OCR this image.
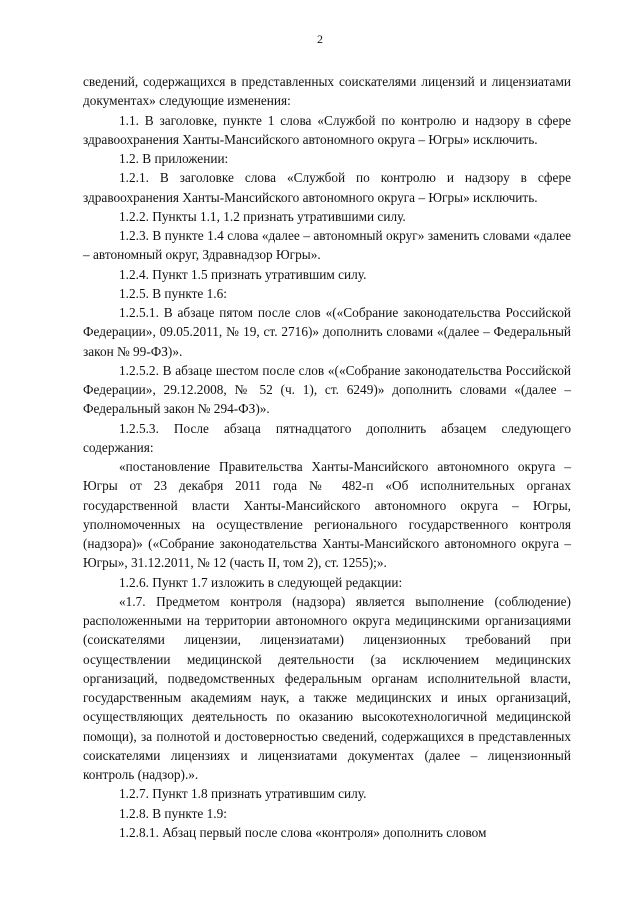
2

сведений, содержащихся в представленных соискателями лицензий и лицензиатами документах» следующие изменения:

1.1. В заголовке, пункте 1 слова «Службой по контролю и надзору в сфере здравоохранения Ханты-Мансийского автономного округа – Югры» исключить.

1.2. В приложении:

1.2.1. В заголовке слова «Службой по контролю и надзору в сфере здравоохранения Ханты-Мансийского автономного округа – Югры» исключить.

1.2.2. Пункты 1.1, 1.2 признать утратившими силу.

1.2.3. В пункте 1.4 слова «далее – автономный округ» заменить словами «далее – автономный округ, Здравнадзор Югры».

1.2.4. Пункт 1.5 признать утратившим силу.

1.2.5. В пункте 1.6:

1.2.5.1. В абзаце пятом после слов «(«Собрание законодательства Российской Федерации», 09.05.2011, № 19, ст. 2716)» дополнить словами «(далее – Федеральный закон № 99-ФЗ)».

1.2.5.2. В абзаце шестом после слов «(«Собрание законодательства Российской Федерации», 29.12.2008, № 52 (ч. 1), ст. 6249)» дополнить словами «(далее – Федеральный закон № 294-ФЗ)».

1.2.5.3. После абзаца пятнадцатого дополнить абзацем следующего содержания:

«постановление Правительства Ханты-Мансийского автономного округа – Югры от 23 декабря 2011 года № 482-п «Об исполнительных органах государственной власти Ханты-Мансийского автономного округа – Югры, уполномоченных на осуществление регионального государственного контроля (надзора)» («Собрание законодательства Ханты-Мансийского автономного округа – Югры», 31.12.2011, № 12 (часть II, том 2), ст. 1255);».

1.2.6. Пункт 1.7 изложить в следующей редакции:

«1.7. Предметом контроля (надзора) является выполнение (соблюдение) расположенными на территории автономного округа медицинскими организациями (соискателями лицензии, лицензиатами) лицензионных требований при осуществлении медицинской деятельности (за исключением медицинских организаций, подведомственных федеральным органам исполнительной власти, государственным академиям наук, а также медицинских и иных организаций, осуществляющих деятельность по оказанию высокотехнологичной медицинской помощи), за полнотой и достоверностью сведений, содержащихся в представленных соискателями лицензиях и лицензиатами документах (далее – лицензионный контроль (надзор).».

1.2.7. Пункт 1.8 признать утратившим силу.

1.2.8. В пункте 1.9:

1.2.8.1. Абзац первый после слова «контроля» дополнить словом
